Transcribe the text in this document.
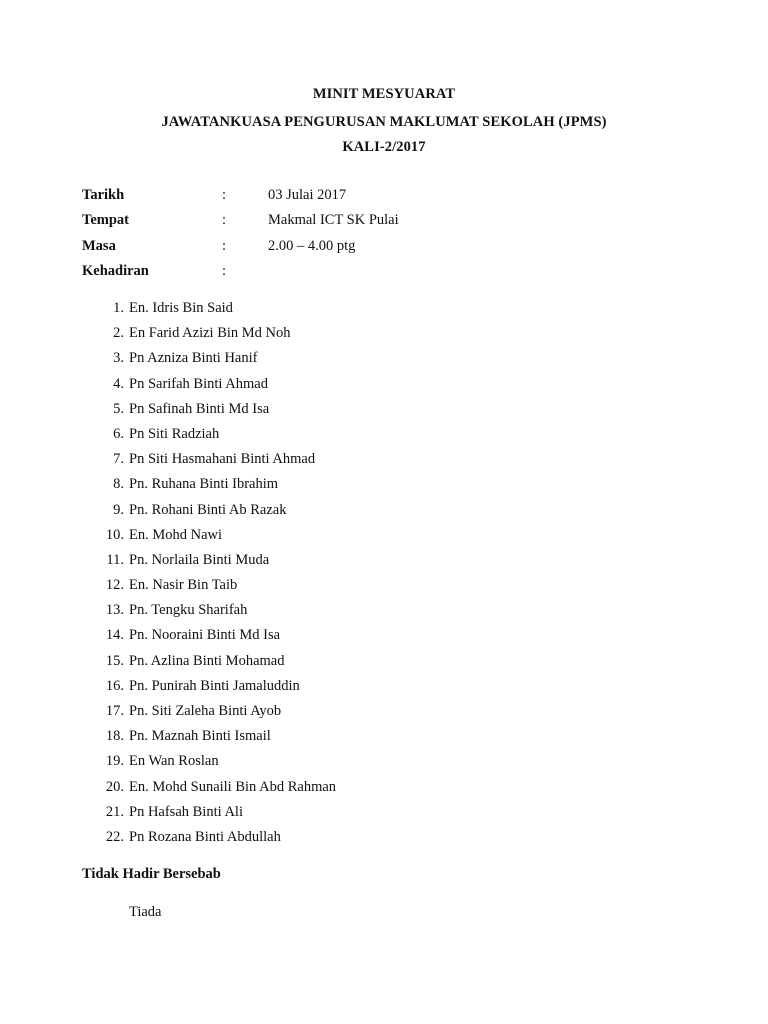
MINIT MESYUARAT
JAWATANKUASA PENGURUSAN MAKLUMAT SEKOLAH (JPMS)
KALI-2/2017
Tarikh	:	03 Julai 2017
Tempat	:	Makmal ICT SK Pulai
Masa	:	2.00 – 4.00 ptg
Kehadiran	:
1. En. Idris Bin Said
2. En Farid Azizi Bin Md Noh
3. Pn Azniza Binti Hanif
4. Pn Sarifah Binti Ahmad
5. Pn Safinah Binti Md Isa
6. Pn Siti Radziah
7. Pn Siti Hasmahani Binti Ahmad
8. Pn. Ruhana Binti Ibrahim
9. Pn. Rohani Binti Ab Razak
10. En. Mohd Nawi
11. Pn. Norlaila Binti Muda
12. En. Nasir Bin Taib
13. Pn. Tengku Sharifah
14. Pn. Nooraini Binti Md Isa
15. Pn. Azlina Binti Mohamad
16. Pn. Punirah Binti Jamaluddin
17. Pn. Siti Zaleha Binti Ayob
18. Pn. Maznah Binti Ismail
19. En Wan Roslan
20. En. Mohd Sunaili Bin Abd Rahman
21. Pn Hafsah Binti Ali
22. Pn Rozana Binti Abdullah
Tidak Hadir Bersebab
Tiada
